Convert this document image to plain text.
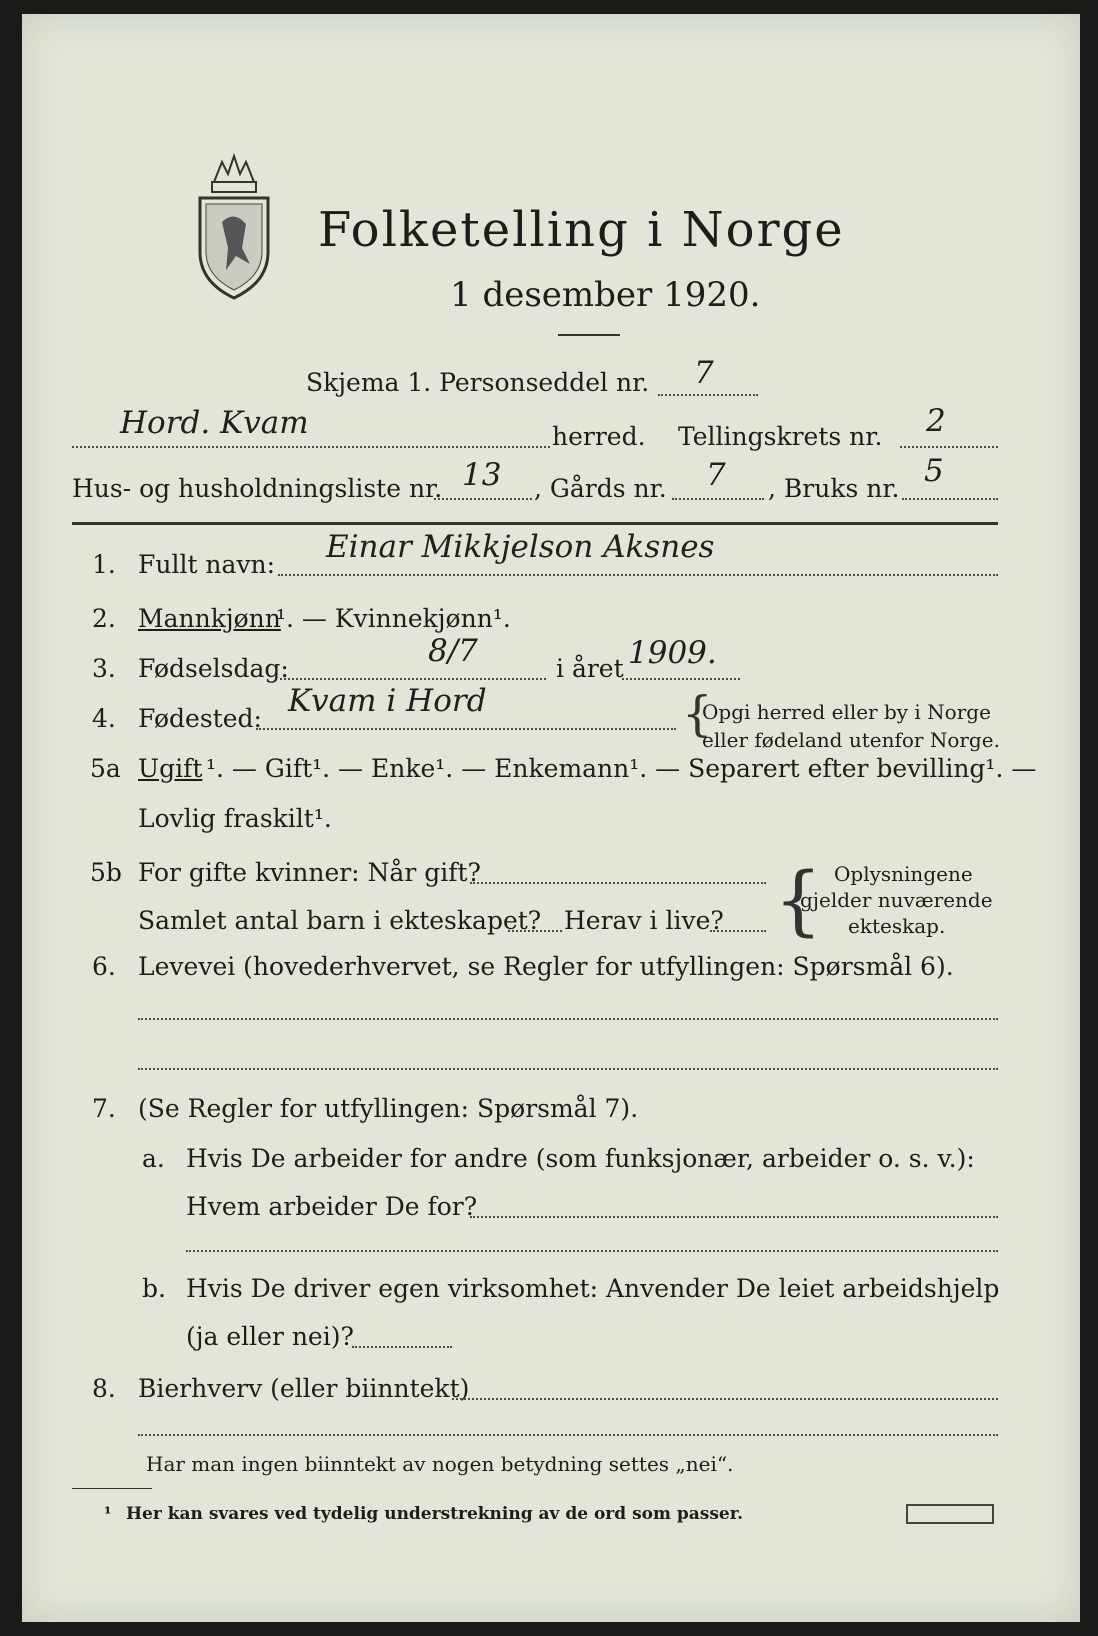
Folketelling i Norge
1 desember 1920.
Skjema 1. Personseddel nr. 7
Hord. Kvam	herred. Tellingskrets nr. 2
Hus- og husholdningsliste nr. 13 , Gårds nr. 7 , Bruks nr. 5
1. Fullt navn: Einar Mikkjelson Aksnes
2. Mannkjønn
¹. — Kvinnekjønn¹.
3. Fødselsdag:	8/7	i året 1909.
4. Fødested: Kvam i Hord	{
Opgi herred eller by i Norge
eller fødeland utenfor Norge.
5a Ugift ¹. — Gift¹. — Enke¹. — Enkemann¹. — Separert efter bevilling¹. —
Lovlig fraskilt¹.
5b For gifte kvinner: Når gift?
Samlet antal barn i ekteskapet? Herav i live? { Oplysningene
gjelder nuværende
ekteskap.
6. Levevei (hovederhvervet, se Regler for utfyllingen: Spørsmål 6).
7. (Se Regler for utfyllingen: Spørsmål 7).
a. Hvis De arbeider for andre (som funksjonær, arbeider o. s. v.):
Hvem arbeider De for?
b. Hvis De driver egen virksomhet: Anvender De leiet arbeidshjelp
(ja eller nei)?
8. Bierhverv (eller biinntekt)
Har man ingen biinntekt av nogen betydning settes „nei“.
¹ Her kan svares ved tydelig understrekning av de ord som passer.
